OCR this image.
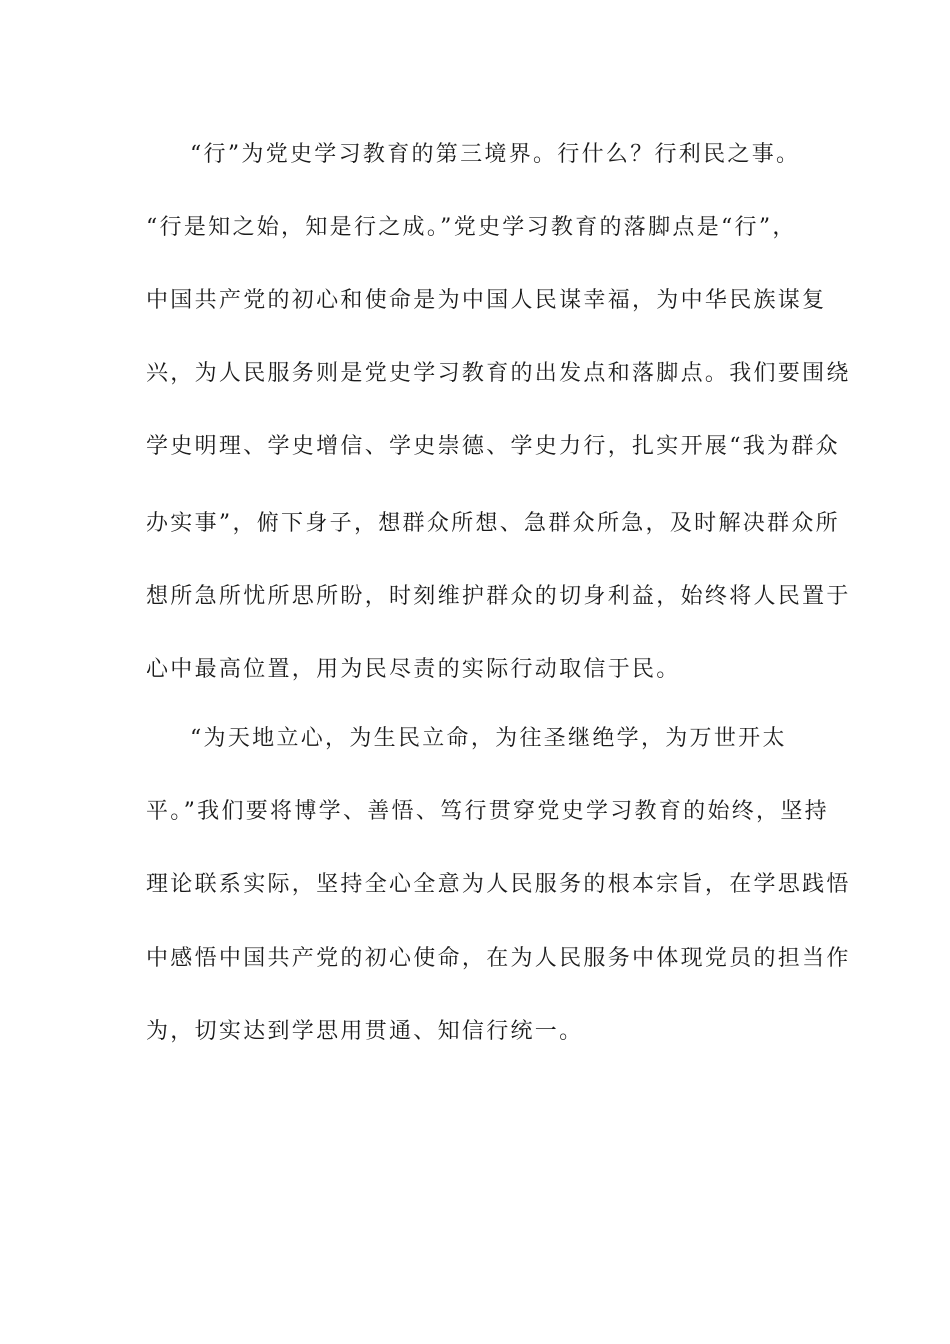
“行”为党史学习教育的第三境界。行什么？行利民之事。
“行是知之始，知是行之成。”党史学习教育的落脚点是“行”，
中国共产党的初心和使命是为中国人民谋幸福，为中华民族谋复
兴，为人民服务则是党史学习教育的出发点和落脚点。我们要围绕
学史明理、学史增信、学史崇德、学史力行，扎实开展“我为群众
办实事”，俯下身子，想群众所想、急群众所急，及时解决群众所
想所急所忧所思所盼，时刻维护群众的切身利益，始终将人民置于
心中最高位置，用为民尽责的实际行动取信于民。
“为天地立心，为生民立命，为往圣继绝学，为万世开太
平。”我们要将博学、善悟、笃行贯穿党史学习教育的始终，坚持
理论联系实际，坚持全心全意为人民服务的根本宗旨，在学思践悟
中感悟中国共产党的初心使命，在为人民服务中体现党员的担当作
为，切实达到学思用贯通、知信行统一。
